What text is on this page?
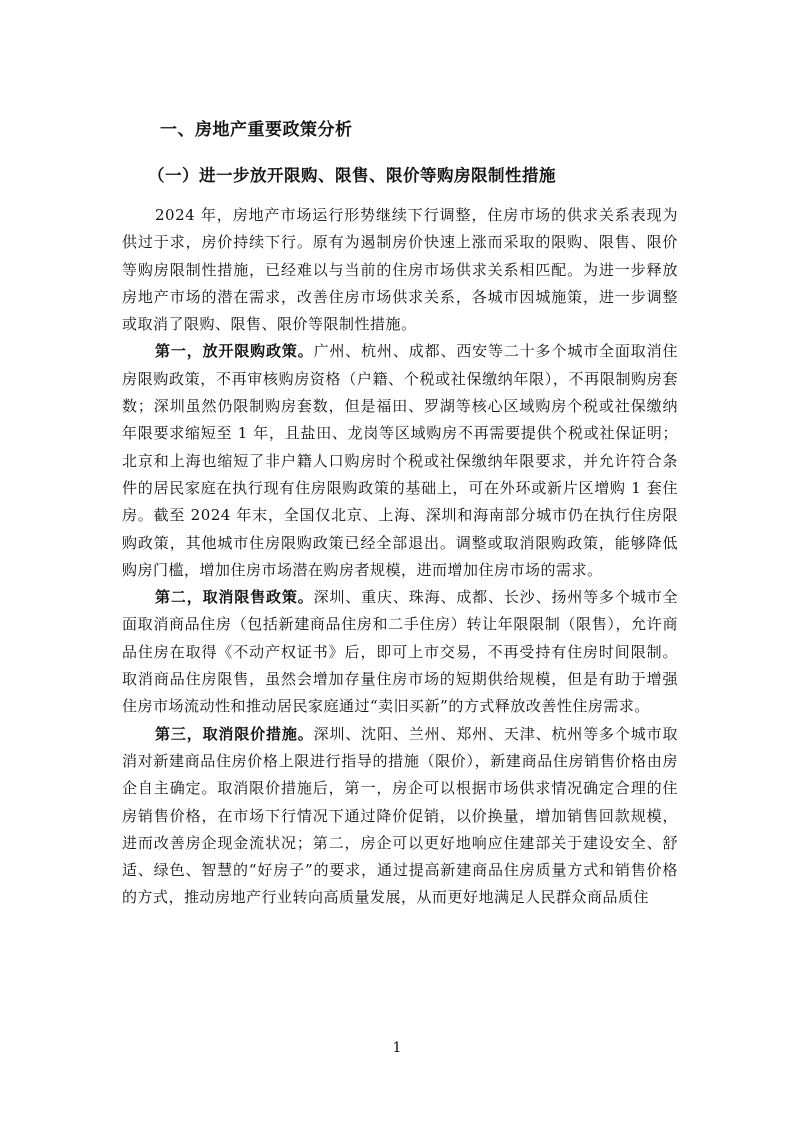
一、房地产重要政策分析
（一）进一步放开限购、限售、限价等购房限制性措施

2024 年，房地产市场运行形势继续下行调整，住房市场的供求关系表现为供过于求，房价持续下行。原有为遏制房价快速上涨而采取的限购、限售、限价等购房限制性措施，已经难以与当前的住房市场供求关系相匹配。为进一步释放房地产市场的潜在需求，改善住房市场供求关系，各城市因城施策，进一步调整或取消了限购、限售、限价等限制性措施。

第一，放开限购政策。广州、杭州、成都、西安等二十多个城市全面取消住房限购政策，不再审核购房资格（户籍、个税或社保缴纳年限），不再限制购房套数；深圳虽然仍限制购房套数，但是福田、罗湖等核心区域购房个税或社保缴纳年限要求缩短至 1 年，且盐田、龙岗等区域购房不再需要提供个税或社保证明；北京和上海也缩短了非户籍人口购房时个税或社保缴纳年限要求，并允许符合条件的居民家庭在执行现有住房限购政策的基础上，可在外环或新片区增购 1 套住房。截至 2024 年末，全国仅北京、上海、深圳和海南部分城市仍在执行住房限购政策，其他城市住房限购政策已经全部退出。调整或取消限购政策，能够降低购房门槛，增加住房市场潜在购房者规模，进而增加住房市场的需求。

第二，取消限售政策。深圳、重庆、珠海、成都、长沙、扬州等多个城市全面取消商品住房（包括新建商品住房和二手住房）转让年限限制（限售），允许商品住房在取得《不动产权证书》后，即可上市交易，不再受持有住房时间限制。取消商品住房限售，虽然会增加存量住房市场的短期供给规模，但是有助于增强住房市场流动性和推动居民家庭通过“卖旧买新”的方式释放改善性住房需求。

第三，取消限价措施。深圳、沈阳、兰州、郑州、天津、杭州等多个城市取消对新建商品住房价格上限进行指导的措施（限价），新建商品住房销售价格由房企自主确定。取消限价措施后，第一，房企可以根据市场供求情况确定合理的住房销售价格，在市场下行情况下通过降价促销，以价换量，增加销售回款规模，进而改善房企现金流状况；第二，房企可以更好地响应住建部关于建设安全、舒适、绿色、智慧的“好房子”的要求，通过提高新建商品住房质量方式和销售价格的方式，推动房地产行业转向高质量发展，从而更好地满足人民群众商品质住

1
